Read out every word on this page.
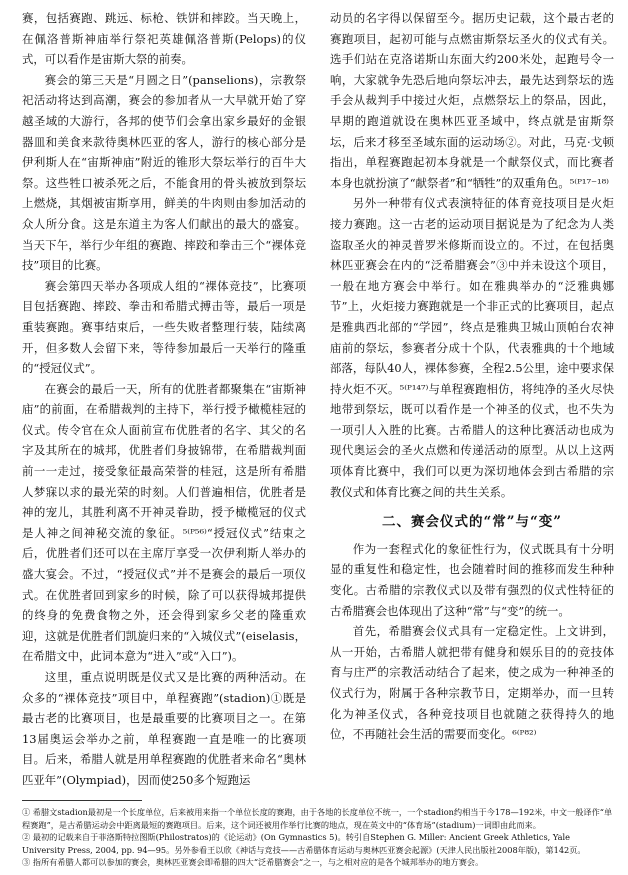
赛，包括赛跑、跳远、标枪、铁饼和摔跤。当天晚上，在佩洛普斯神庙举行祭祀英雄佩洛普斯(Pelops)的仪式，可以看作是宙斯大祭的前奏。

赛会的第三天是“月圆之日”(panselions)，宗教祭祀活动将达到高潮，赛会的参加者从一大早就开始了穿越圣域的大游行，各邦的使节们会拿出家乡最好的金银器皿和美食来款待奥林匹亚的客人，游行的核心部分是伊利斯人在“宙斯神庙”附近的锥形大祭坛举行的百牛大祭。这些牲口被杀死之后，不能食用的骨头被放到祭坛上燃烧，其烟被宙斯享用，鲜美的牛肉则由参加活动的众人所分食。这是东道主为客人们献出的最大的盛宴。当天下午，举行少年组的赛跑、摔跤和拳击三个“裸体竞技”项目的比赛。

赛会第四天举办各项成人组的“裸体竞技”，比赛项目包括赛跑、摔跤、拳击和希腊式搏击等，最后一项是重装赛跑。赛事结束后，一些失败者整理行装，陆续离开，但多数人会留下来，等待参加最后一天举行的隆重的“授冠仪式”。

在赛会的最后一天，所有的优胜者都聚集在“宙斯神庙”的前面，在希腊裁判的主持下，举行授予橄榄桂冠的仪式。传令官在众人面前宣布优胜者的名字、其父的名字及其所在的城邦，优胜者们身披锦带，在希腊裁判面前一一走过，接受象征最高荣誉的桂冠，这是所有希腊人梦寐以求的最光荣的时刻。人们普遍相信，优胜者是神的宠儿，其胜利离不开神灵眷助，授予橄榄冠的仪式是人神之间神秘交流的象征。⁵⁽ᴾ⁵⁶⁾“授冠仪式”结束之后，优胜者们还可以在主席厅享受一次伊利斯人举办的盛大宴会。不过，“授冠仪式”并不是赛会的最后一项仪式。在优胜者回到家乡的时候，除了可以获得城邦提供的终身的免费食物之外，还会得到家乡父老的隆重欢迎，这就是优胜者们凯旋归来的“入城仪式”(eiselasis，在希腊文中，此词本意为“进入”或“入口”)。

这里，重点说明既是仪式又是比赛的两种活动。在众多的“裸体竞技”项目中，单程赛跑”(stadion)①既是最古老的比赛项目，也是最重要的比赛项目之一。在第13届奥运会举办之前，单程赛跑一直是唯一的比赛项目。后来，希腊人就是用单程赛跑的优胜者来命名“奥林匹亚年”(Olympiad)，因而使250多个短跑运

动员的名字得以保留至今。据历史记载，这个最古老的赛跑项目，起初可能与点燃宙斯祭坛圣火的仪式有关。选手们站在克洛诺斯山东面大约200米处，起跑号令一响，大家就争先恐后地向祭坛冲去，最先达到祭坛的选手会从裁判手中接过火炬，点燃祭坛上的祭品，因此，早期的跑道就设在奥林匹亚圣域中，终点就是宙斯祭坛，后来才移至圣域东面的运动场②。对此，马克·戈顿指出，单程赛跑起初本身就是一个献祭仪式，而比赛者本身也就扮演了“献祭者”和“牺牲”的双重角色。⁵⁽ᴾ¹⁷⁻¹⁸⁾

另外一种带有仪式表演特征的体育竞技项目是火炬接力赛跑。这一古老的运动项目据说是为了纪念为人类盗取圣火的神灵普罗米修斯而设立的。不过，在包括奥林匹亚赛会在内的“泛希腊赛会”③中并未设这个项目，一般在地方赛会中举行。如在雅典举办的“泛雅典娜节”上，火炬接力赛跑就是一个非正式的比赛项目，起点是雅典西北部的“学园”，终点是雅典卫城山顶帕台农神庙前的祭坛，参赛者分成十个队，代表雅典的十个地域部落，每队40人，裸体参赛，全程2.5公里，途中要求保持火炬不灭。⁵⁽ᴾ¹⁴⁷⁾与单程赛跑相仿，将纯净的圣火尽快地带到祭坛，既可以看作是一个神圣的仪式，也不失为一项引人入胜的比赛。古希腊人的这种比赛活动也成为现代奥运会的圣火点燃和传递活动的原型。从以上这两项体育比赛中，我们可以更为深切地体会到古希腊的宗教仪式和体育比赛之间的共生关系。

二、赛会仪式的“常”与“变”

作为一套程式化的象征性行为，仪式既具有十分明显的重复性和稳定性，也会随着时间的推移而发生种种变化。古希腊的宗教仪式以及带有强烈的仪式性特征的古希腊赛会也体现出了这种“常”与“变”的统一。

首先，希腊赛会仪式具有一定稳定性。上文讲到，从一开始，古希腊人就把带有健身和娱乐目的的竞技体育与庄严的宗教活动结合了起来，使之成为一种神圣的仪式行为，附属于各种宗教节日，定期举办，而一旦转化为神圣仪式，各种竞技项目也就随之获得持久的地位，不再随社会生活的需要而变化。⁶⁽ᴾ⁸²⁾

① 希腊文stadion最初是一个长度单位，后来被用来指一个单位长度的赛跑，由于各地的长度单位不统一，一个stadion约相当于今178—192米，中文一般译作“单程赛跑”，是古希腊运动会中距离最短的赛跑项目。后来，这个词还被用作举行比赛的地点，现在英文中的“体育场”(stadium)一词即由此而来。
② 最初的记载来自于菲洛斯特拉图斯(Philostratos)的《论运动》(On Gymnastics 5)。转引自Stephen G. Miller: Ancient Greek Athletics, Yale University Press, 2004, pp. 94—95。另外参看王以欣《神话与竞技——古希腊体育运动与奥林匹亚赛会起源》(天津人民出版社2008年版)，第142页。
③ 指所有希腊人都可以参加的赛会，奥林匹亚赛会即希腊的四大“泛希腊赛会”之一，与之相对应的是各个城邦举办的地方赛会。
